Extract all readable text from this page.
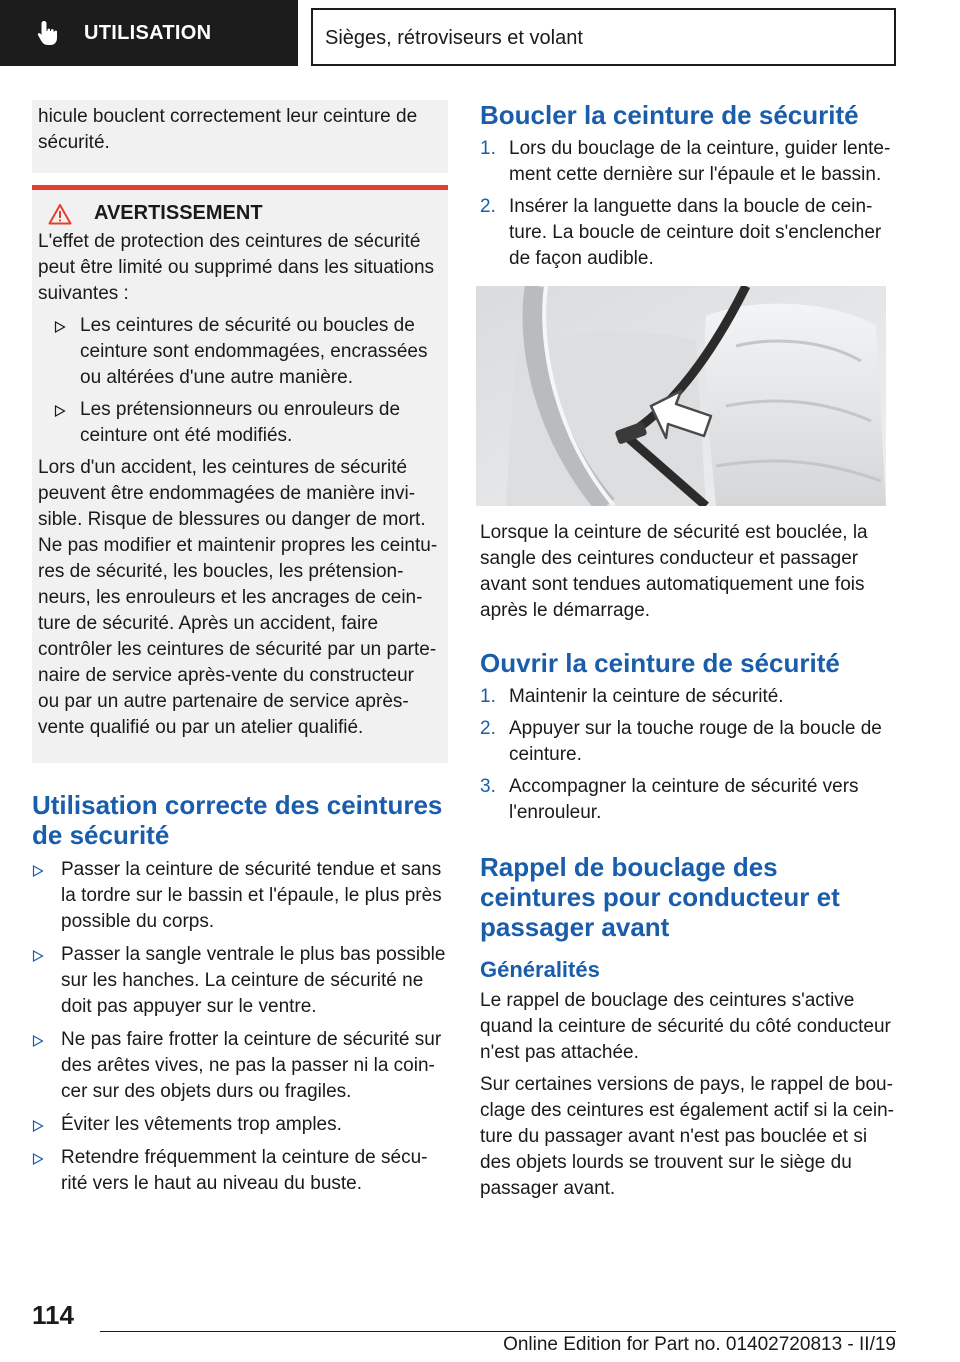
UTILISATION	Sièges, rétroviseurs et volant

hicule bouclent correctement leur ceinture de sécurité.

AVERTISSEMENT

L'effet de protection des ceintures de sécurité peut être limité ou supprimé dans les situations suivantes :

Les ceintures de sécurité ou boucles de ceinture sont endommagées, encrassées ou altérées d'une autre manière.
Les prétensionneurs ou enrouleurs de ceinture ont été modifiés.

Lors d'un accident, les ceintures de sécurité peuvent être endommagées de manière invi-sible. Risque de blessures ou danger de mort. Ne pas modifier et maintenir propres les ceintu-res de sécurité, les boucles, les prétension-neurs, les enrouleurs et les ancrages de cein-ture de sécurité. Après un accident, faire contrôler les ceintures de sécurité par un parte-naire de service après-vente du constructeur ou par un autre partenaire de service après-vente qualifié ou par un atelier qualifié.

Utilisation correcte des ceintures de sécurité
Passer la ceinture de sécurité tendue et sans la tordre sur le bassin et l'épaule, le plus près possible du corps.
Passer la sangle ventrale le plus bas possible sur les hanches. La ceinture de sécurité ne doit pas appuyer sur le ventre.
Ne pas faire frotter la ceinture de sécurité sur des arêtes vives, ne pas la passer ni la coin-cer sur des objets durs ou fragiles.
Éviter les vêtements trop amples.
Retendre fréquemment la ceinture de sécu-rité vers le haut au niveau du buste.
Boucler la ceinture de sécurité
1. Lors du bouclage de la ceinture, guider lente-ment cette dernière sur l'épaule et le bassin.
2. Insérer la languette dans la boucle de cein-ture. La boucle de ceinture doit s'enclencher de façon audible.

Lorsque la ceinture de sécurité est bouclée, la sangle des ceintures conducteur et passager avant sont tendues automatiquement une fois après le démarrage.

Ouvrir la ceinture de sécurité
1. Maintenir la ceinture de sécurité.
2. Appuyer sur la touche rouge de la boucle de ceinture.
3. Accompagner la ceinture de sécurité vers l'enrouleur.
Rappel de bouclage des ceintures pour conducteur et passager avant
Généralités

Le rappel de bouclage des ceintures s'active quand la ceinture de sécurité du côté conducteur n'est pas attachée.

Sur certaines versions de pays, le rappel de bou-clage des ceintures est également actif si la cein-ture du passager avant n'est pas bouclée et si des objets lourds se trouvent sur le siège du passager avant.

114
Online Edition for Part no. 01402720813 - II/19
